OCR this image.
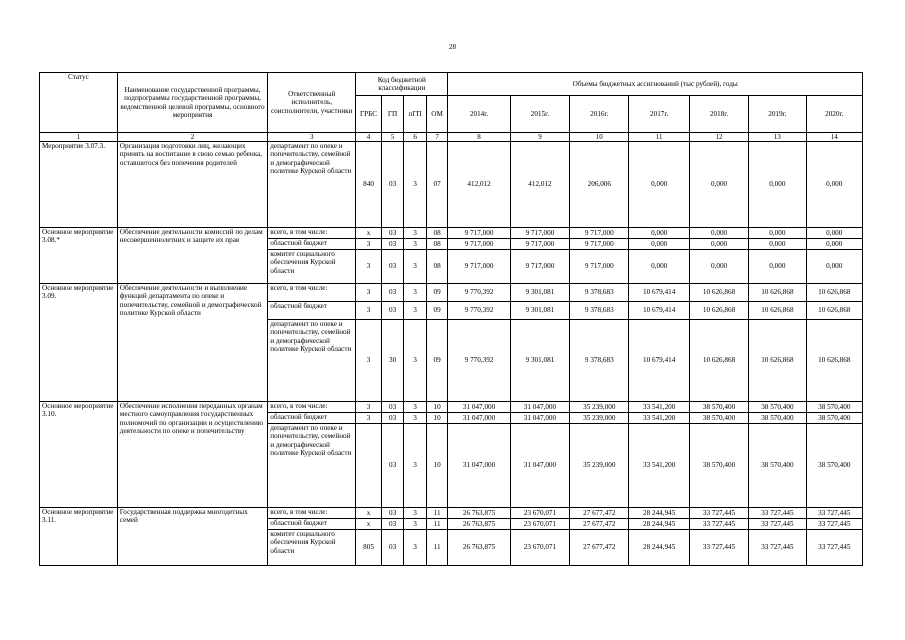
28
Статус	Наименование государственной программы, подпрограммы государственной программы, ведомственной целевой программы, основного мероприятия	Ответственный исполнитель, соисполнители, участники	Код бюджетной классификации				Объемы бюджетных ассигнований (тыс рублей), годы						
			ГРБС	ГП	пГП	ОМ	2014г.	2015г.	2016г.	2017г.	2018г.	2019г.	2020г.
1	2	3	4	5	6	7	8	9	10	11	12	13	14
Мероприятие 3.07.3.	Организация подготовки лиц, желающих принять на воспитание в свою семью ребенка, оставшегося без попечения родителей	департамент по опеке и попечительству, семейной и демографической политике Курской области	840	03	3	07	412,012	412,012	206,006	0,000	0,000	0,000	0,000
Основное мероприятие 3.08.*	Обеспечение деятельности комиссий по делам несовершеннолетних и защите их прав	всего, в том числе:	х	03	3	08	9 717,000	9 717,000	9 717,000	0,000	0,000	0,000	0,000
		областной бюджет	3	03	3	08	9 717,000	9 717,000	9 717,000	0,000	0,000	0,000	0,000
		комитет социального обеспечения Курской области	3	03	3	08	9 717,000	9 717,000	9 717,000	0,000	0,000	0,000	0,000
Основное мероприятие 3.09.	Обеспечение деятельности и выполнение функций департамента по опеке и попечительству, семейной и демографической политике Курской области	всего, в том числе:	3	03	3	09	9 770,392	9 301,081	9 378,683	10 679,414	10 626,868	10 626,868	10 626,868
		областной бюджет	3	03	3	09	9 770,392	9 301,081	9 378,683	10 679,414	10 626,868	10 626,868	10 626,868
		департамент по опеке и попечительству, семейной и демографической политике Курской области	3	30	3	09	9 770,392	9 301,081	9 378,683	10 679,414	10 626,868	10 626,868	10 626,868
Основное мероприятие 3.10.	Обеспечение исполнения переданных органам местного самоуправления государственных полномочий по организации и осуществлению деятельности по опеке и попечительству	всего, в том числе:	3	03	3	10	31 047,000	31 047,000	35 239,000	33 541,200	38 570,400	38 570,400	38 570,400
		областной бюджет	3	03	3	10	31 047,000	31 047,000	35 239,000	33 541,200	38 570,400	38 570,400	38 570,400
		департамент по опеке и попечительству, семейной и демографической политике Курской области		03	3	10	31 047,000	31 047,000	35 239,000	33 541,200	38 570,400	38 570,400	38 570,400
Основное мероприятие 3.11.	Государственная поддержка многодетных семей	всего, в том числе:	х	03	3	11	26 763,875	23 670,071	27 677,472	28 244,945	33 727,445	33 727,445	33 727,445
		областной бюджет	х	03	3	11	26 763,875	23 670,071	27 677,472	28 244,945	33 727,445	33 727,445	33 727,445
		комитет социального обеспечения Курской области	805	03	3	11	26 763,875	23 670,071	27 677,472	28 244,945	33 727,445	33 727,445	33 727,445
